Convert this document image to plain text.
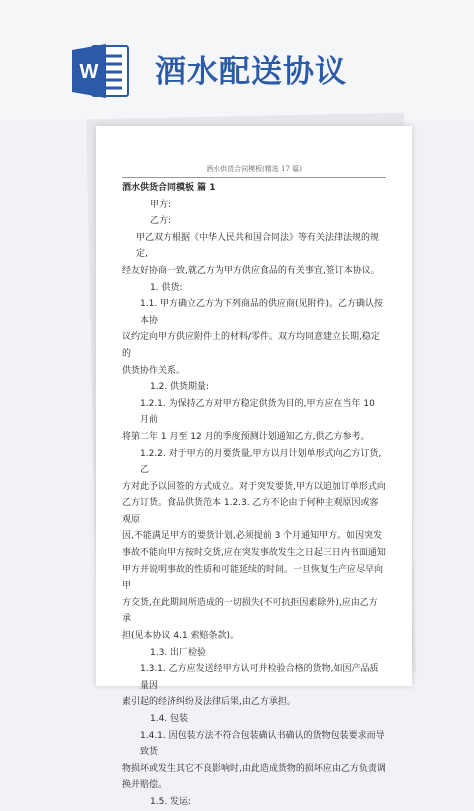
W 酒水配送协议
酒水供货合同模板(精选 17 篇)

酒水供货合同模板 篇 1

甲方:

乙方:

甲乙双方根据《中华人民共和国合同法》等有关法律法规的规定,

经友好协商一致,就乙方为甲方供应食品的有关事宜,签订本协议。

1. 供货:

1.1. 甲方确立乙方为下列商品的供应商(见附件)。乙方确认按本协

议约定向甲方供应附件上的材料/零件。双方均同意建立长期,稳定的

供货协作关系。

1.2. 供货期量:

1.2.1. 为保持乙方对甲方稳定供货为目的,甲方应在当年 10 月前

将第二年 1 月至 12 月的季度预测计划通知乙方,供乙方参考。

1.2.2. 对于甲方的月要货量,甲方以月计划单形式向乙方订货,乙

方对此予以回签的方式成立。对于突发要货,甲方以追加订单形式向

乙方订货。食品供货范本 1.2.3. 乙方不论由于何种主观原因或客观原

因,不能满足甲方的要货计划,必须提前 3 个月通知甲方。如因突发

事故不能向甲方按时交货,应在突发事故发生之日起三日内书面通知

甲方并说明事故的性质和可能延续的时间。一旦恢复生产应尽早向甲

方交货,在此期间所造成的一切损失(不可抗拒因素除外),应由乙方承

担(见本协议 4.1 索赔条款)。

1.3. 出厂检验

1.3.1. 乙方应发送经甲方认可并检验合格的货物,如因产品质量因

素引起的经济纠纷及法律后果,由乙方承担。

1.4. 包装

1.4.1. 因包装方法不符合包装确认书确认的货物包装要求而导致货

物损坏或发生其它不良影响时,由此造成货物的损坏应由乙方负责调

换并赔偿。

1.5. 发运:
